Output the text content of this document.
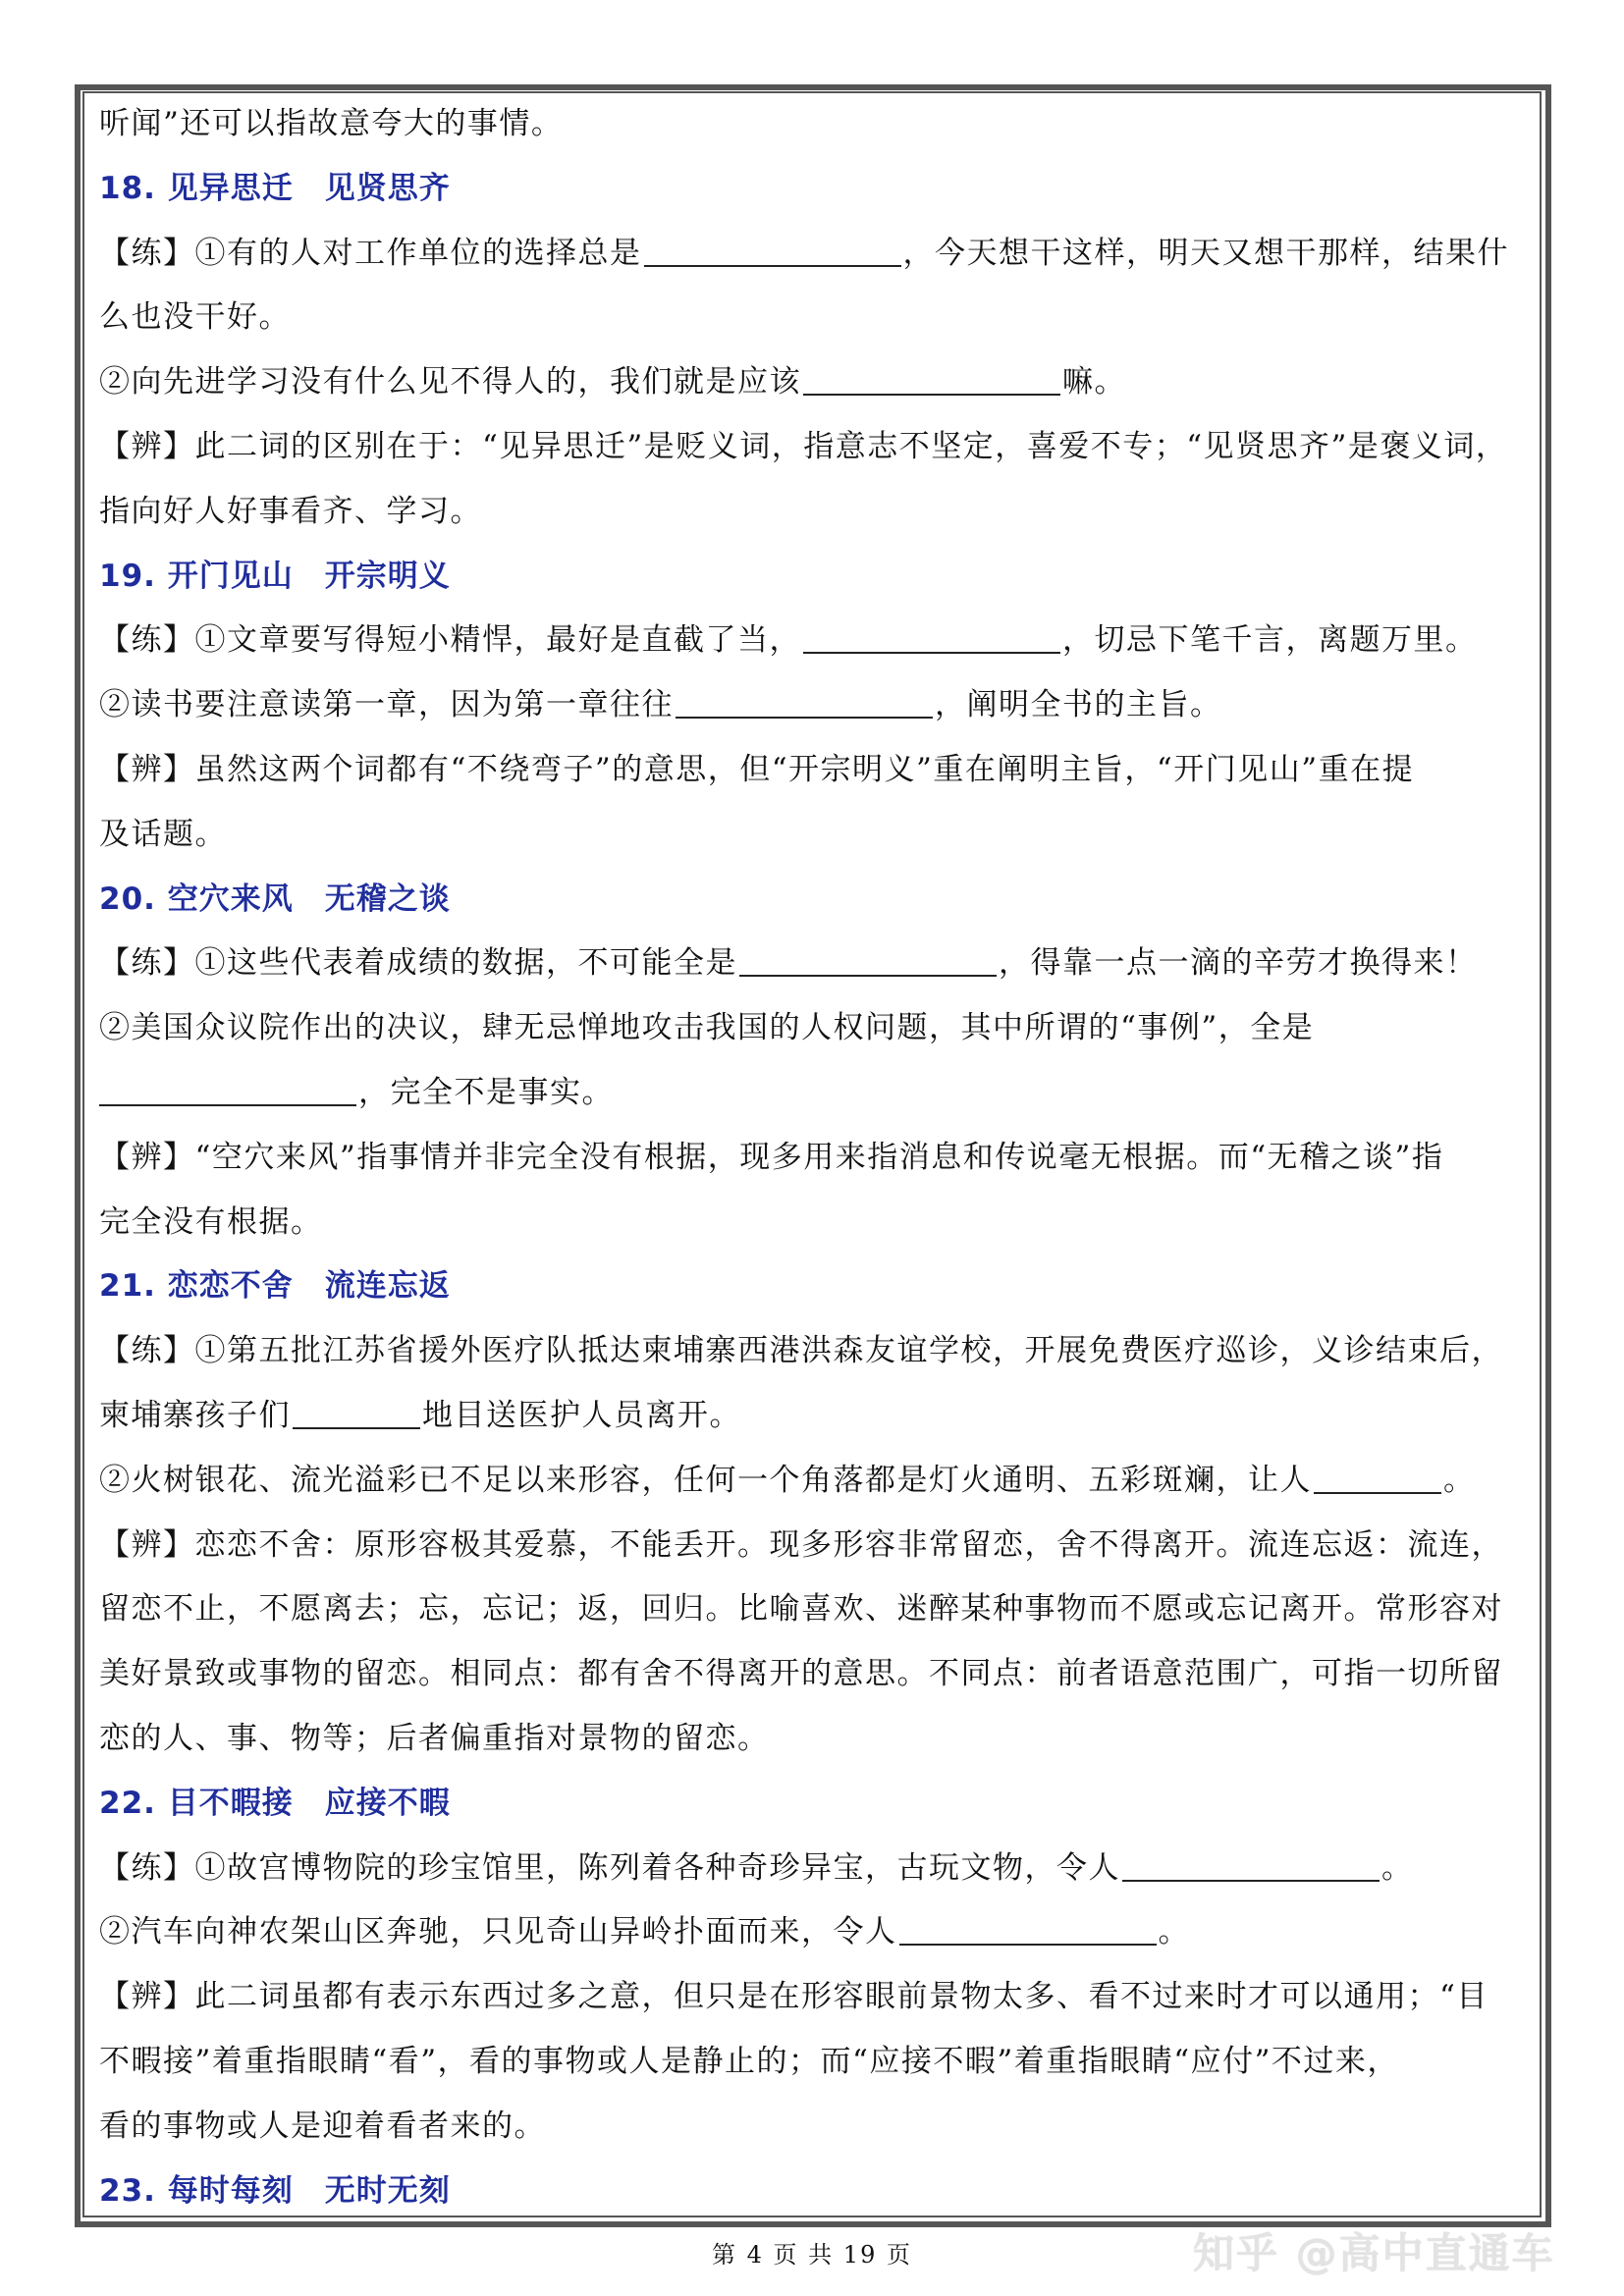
听闻”还可以指故意夸大的事情。
18. 见异思迁　见贤思齐
【练】①有的人对工作单位的选择总是	，今天想干这样，明天又想干那样，结果什
么也没干好。
②向先进学习没有什么见不得人的，我们就是应该	嘛。
【辨】此二词的区别在于：“见异思迁”是贬义词，指意志不坚定，喜爱不专；“见贤思齐”是褒义词，
指向好人好事看齐、学习。
19. 开门见山　开宗明义
【练】①文章要写得短小精悍，最好是直截了当，	，切忌下笔千言，离题万里。
②读书要注意读第一章，因为第一章往往	，阐明全书的主旨。
【辨】虽然这两个词都有“不绕弯子”的意思，但“开宗明义”重在阐明主旨，“开门见山”重在提
及话题。
20. 空穴来风　无稽之谈
【练】①这些代表着成绩的数据，不可能全是	，得靠一点一滴的辛劳才换得来！
②美国众议院作出的决议，肆无忌惮地攻击我国的人权问题，其中所谓的“事例”，全是
，完全不是事实。
【辨】“空穴来风”指事情并非完全没有根据，现多用来指消息和传说毫无根据。而“无稽之谈”指
完全没有根据。
21. 恋恋不舍　流连忘返
【练】①第五批江苏省援外医疗队抵达柬埔寨西港洪森友谊学校，开展免费医疗巡诊，义诊结束后，
柬埔寨孩子们	地目送医护人员离开。
②火树银花、流光溢彩已不足以来形容，任何一个角落都是灯火通明、五彩斑斓，让人	。
【辨】恋恋不舍：原形容极其爱慕，不能丢开。现多形容非常留恋，舍不得离开。流连忘返：流连，
留恋不止，不愿离去；忘，忘记；返，回归。比喻喜欢、迷醉某种事物而不愿或忘记离开。常形容对
美好景致或事物的留恋。相同点：都有舍不得离开的意思。不同点：前者语意范围广，可指一切所留
恋的人、事、物等；后者偏重指对景物的留恋。
22. 目不暇接　应接不暇
【练】①故宫博物院的珍宝馆里，陈列着各种奇珍异宝，古玩文物，令人	。
②汽车向神农架山区奔驰，只见奇山异岭扑面而来，令人	。
【辨】此二词虽都有表示东西过多之意，但只是在形容眼前景物太多、看不过来时才可以通用；“目
不暇接”着重指眼睛“看”，看的事物或人是静止的；而“应接不暇”着重指眼睛“应付”不过来，
看的事物或人是迎着看者来的。
23. 每时每刻　无时无刻
第 4 页 共 19 页	知乎 @高中直通车
